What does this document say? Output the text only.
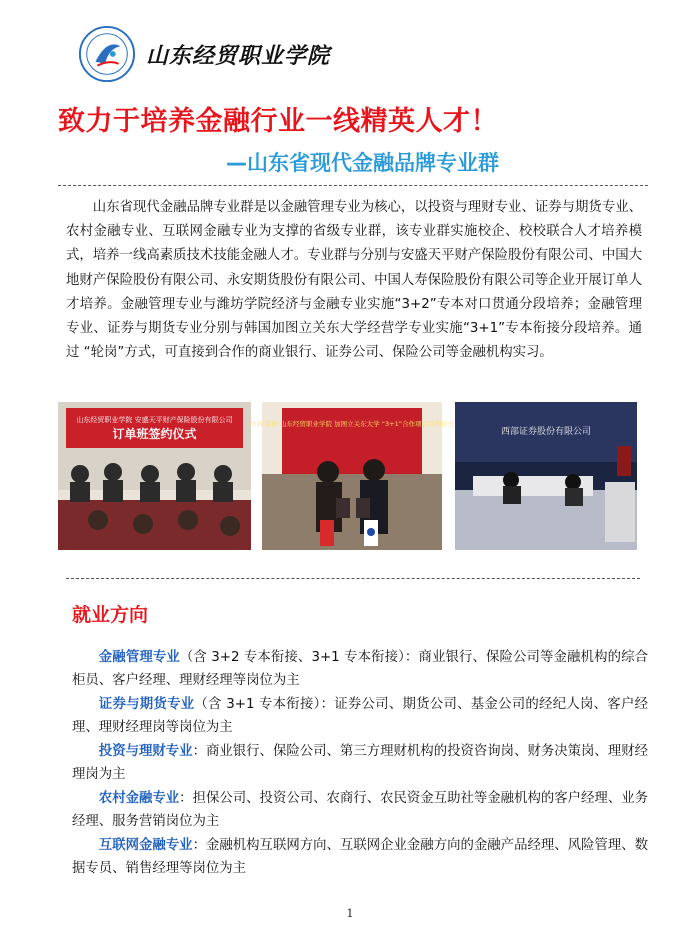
山东经贸职业学院
致力于培养金融行业一线精英人才！
—山东省现代金融品牌专业群

山东省现代金融品牌专业群是以金融管理专业为核心，以投资与理财专业、证券与期货专业、农村金融专业、互联网金融专业为支撑的省级专业群，该专业群实施校企、校校联合人才培养模式，培养一线高素质技术技能金融人才。专业群与分别与安盛天平财产保险股份有限公司、中国大地财产保险股份有限公司、永安期货股份有限公司、中国人寿保险股份有限公司等企业开展订单人才培养。金融管理专业与潍坊学院经济与金融专业实施“3+2”专本对口贯通分段培养；金融管理专业、证券与期货专业分别与韩国加图立关东大学经营学专业实施“3+1”专本衔接分段培养。通过 “轮岗”方式，可直接到合作的商业银行、证券公司、保险公司等金融机构实习。

山东经贸职业学院 安盛天平财产保险股份有限公司
订单班签约仪式
中国 韩国 山东经贸职业学院 加图立关东大学 “3+1”合作项目签约仪式
西部证券股份有限公司
就业方向

金融管理专业（含 3+2 专本衔接、3+1 专本衔接）：商业银行、保险公司等金融机构的综合柜员、客户经理、理财经理等岗位为主

证券与期货专业（含 3+1 专本衔接）：证券公司、期货公司、基金公司的经纪人岗、客户经理、理财经理岗等岗位为主

投资与理财专业：商业银行、保险公司、第三方理财机构的投资咨询岗、财务决策岗、理财经理岗为主

农村金融专业：担保公司、投资公司、农商行、农民资金互助社等金融机构的客户经理、业务经理、服务营销岗位为主

互联网金融专业：金融机构互联网方向、互联网企业金融方向的金融产品经理、风险管理、数据专员、销售经理等岗位为主

1
